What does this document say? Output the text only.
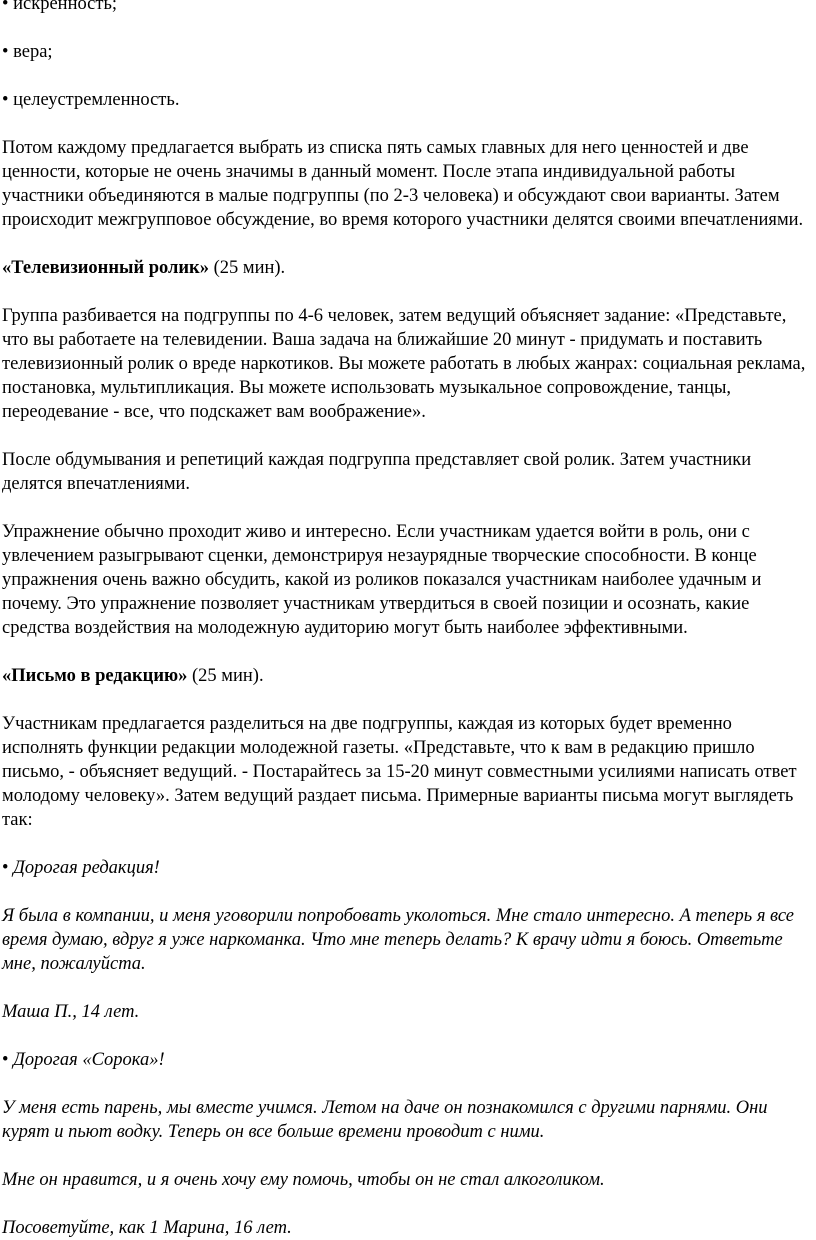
• искренность;

• вера;

• целеустремленность.

Потом каждому предлагается выбрать из списка пять самых главных для него ценностей и две
ценности, которые не очень значимы в данный момент. После этапа индивидуальной работы
участники объединяются в малые подгруппы (по 2-3 человека) и обсуждают свои варианты. Затем
происходит межгрупповое обсуждение, во время которого участники делятся своими впечатлениями.

«Телевизионный ролик» (25 мин).

Группа разбивается на подгруппы по 4-6 человек, затем ведущий объясняет задание: «Представьте,
что вы работаете на телевидении. Ваша задача на ближайшие 20 минут - придумать и поставить
телевизионный ролик о вреде наркотиков. Вы можете работать в любых жанрах: социальная реклама,
постановка, мультипликация. Вы можете использовать музыкальное сопровождение, танцы,
переодевание - все, что подскажет вам воображение».

После обдумывания и репетиций каждая подгруппа представляет свой ролик. Затем участники
делятся впечатлениями.

Упражнение обычно проходит живо и интересно. Если участникам удается войти в роль, они с
увлечением разыгрывают сценки, демонстрируя незаурядные творческие способности. В конце
упражнения очень важно обсудить, какой из роликов показался участникам наиболее удачным и
почему. Это упражнение позволяет участникам утвердиться в своей позиции и осознать, какие
средства воздействия на молодежную аудиторию могут быть наиболее эффективными.

«Письмо в редакцию» (25 мин).

Участникам предлагается разделиться на две подгруппы, каждая из которых будет временно
исполнять функции редакции молодежной газеты. «Представьте, что к вам в редакцию пришло
письмо, - объясняет ведущий. - Постарайтесь за 15-20 минут совместными усилиями написать ответ
молодому человеку». Затем ведущий раздает письма. Примерные варианты письма могут выглядеть
так:

• Дорогая редакция!

Я была в компании, и меня уговорили попробовать уколоться. Мне стало интересно. А теперь я все
время думаю, вдруг я уже наркоманка. Что мне теперь делать? К врачу идти я боюсь. Ответьте
мне, пожалуйста.

Маша П., 14 лет.

• Дорогая «Сорока»!

У меня есть парень, мы вместе учимся. Летом на даче он познакомился с другими парнями. Они
курят и пьют водку. Теперь он все больше времени проводит с ними.

Мне он нравится, и я очень хочу ему помочь, чтобы он не стал алкоголиком.

Посоветуйте, как 1 Марина, 16 лет.
